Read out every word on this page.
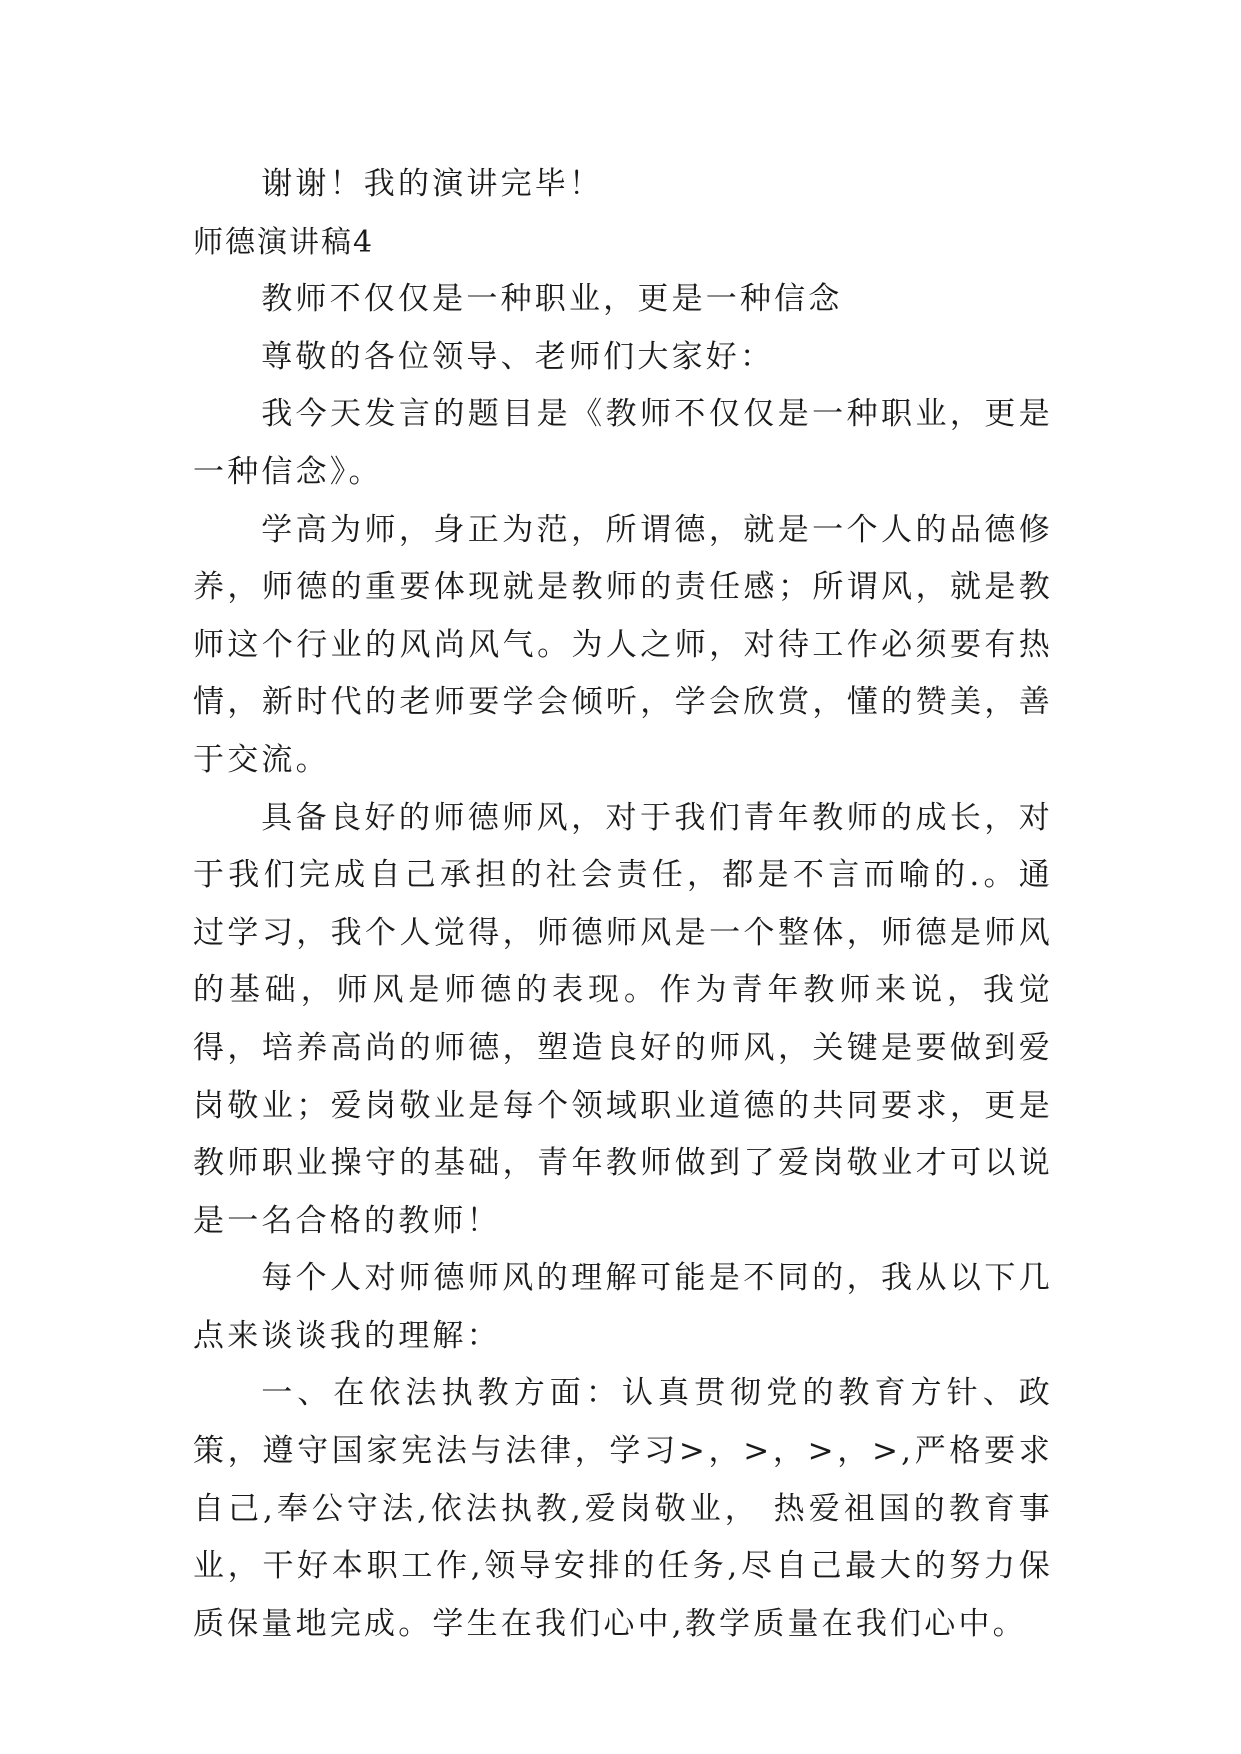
谢谢！我的演讲完毕！

师德演讲稿4

教师不仅仅是一种职业，更是一种信念

尊敬的各位领导、老师们大家好：

我今天发言的题目是《教师不仅仅是一种职业，更是一种信念》。

学高为师，身正为范，所谓德，就是一个人的品德修养，师德的重要体现就是教师的责任感；所谓风，就是教师这个行业的风尚风气。为人之师，对待工作必须要有热情，新时代的老师要学会倾听，学会欣赏，懂的赞美，善于交流。

具备良好的师德师风，对于我们青年教师的成长，对于我们完成自己承担的社会责任，都是不言而喻的.。通过学习，我个人觉得，师德师风是一个整体，师德是师风的基础，师风是师德的表现。作为青年教师来说，我觉得，培养高尚的师德，塑造良好的师风，关键是要做到爱岗敬业；爱岗敬业是每个领域职业道德的共同要求，更是教师职业操守的基础，青年教师做到了爱岗敬业才可以说是一名合格的教师！

每个人对师德师风的理解可能是不同的，我从以下几点来谈谈我的理解：

一、在依法执教方面：认真贯彻党的教育方针、政策，遵守国家宪法与法律，学习>，>，>，>,严格要求自己,奉公守法,依法执教,爱岗敬业， 热爱祖国的教育事业，干好本职工作,领导安排的任务,尽自己最大的努力保质保量地完成。学生在我们心中,教学质量在我们心中。
